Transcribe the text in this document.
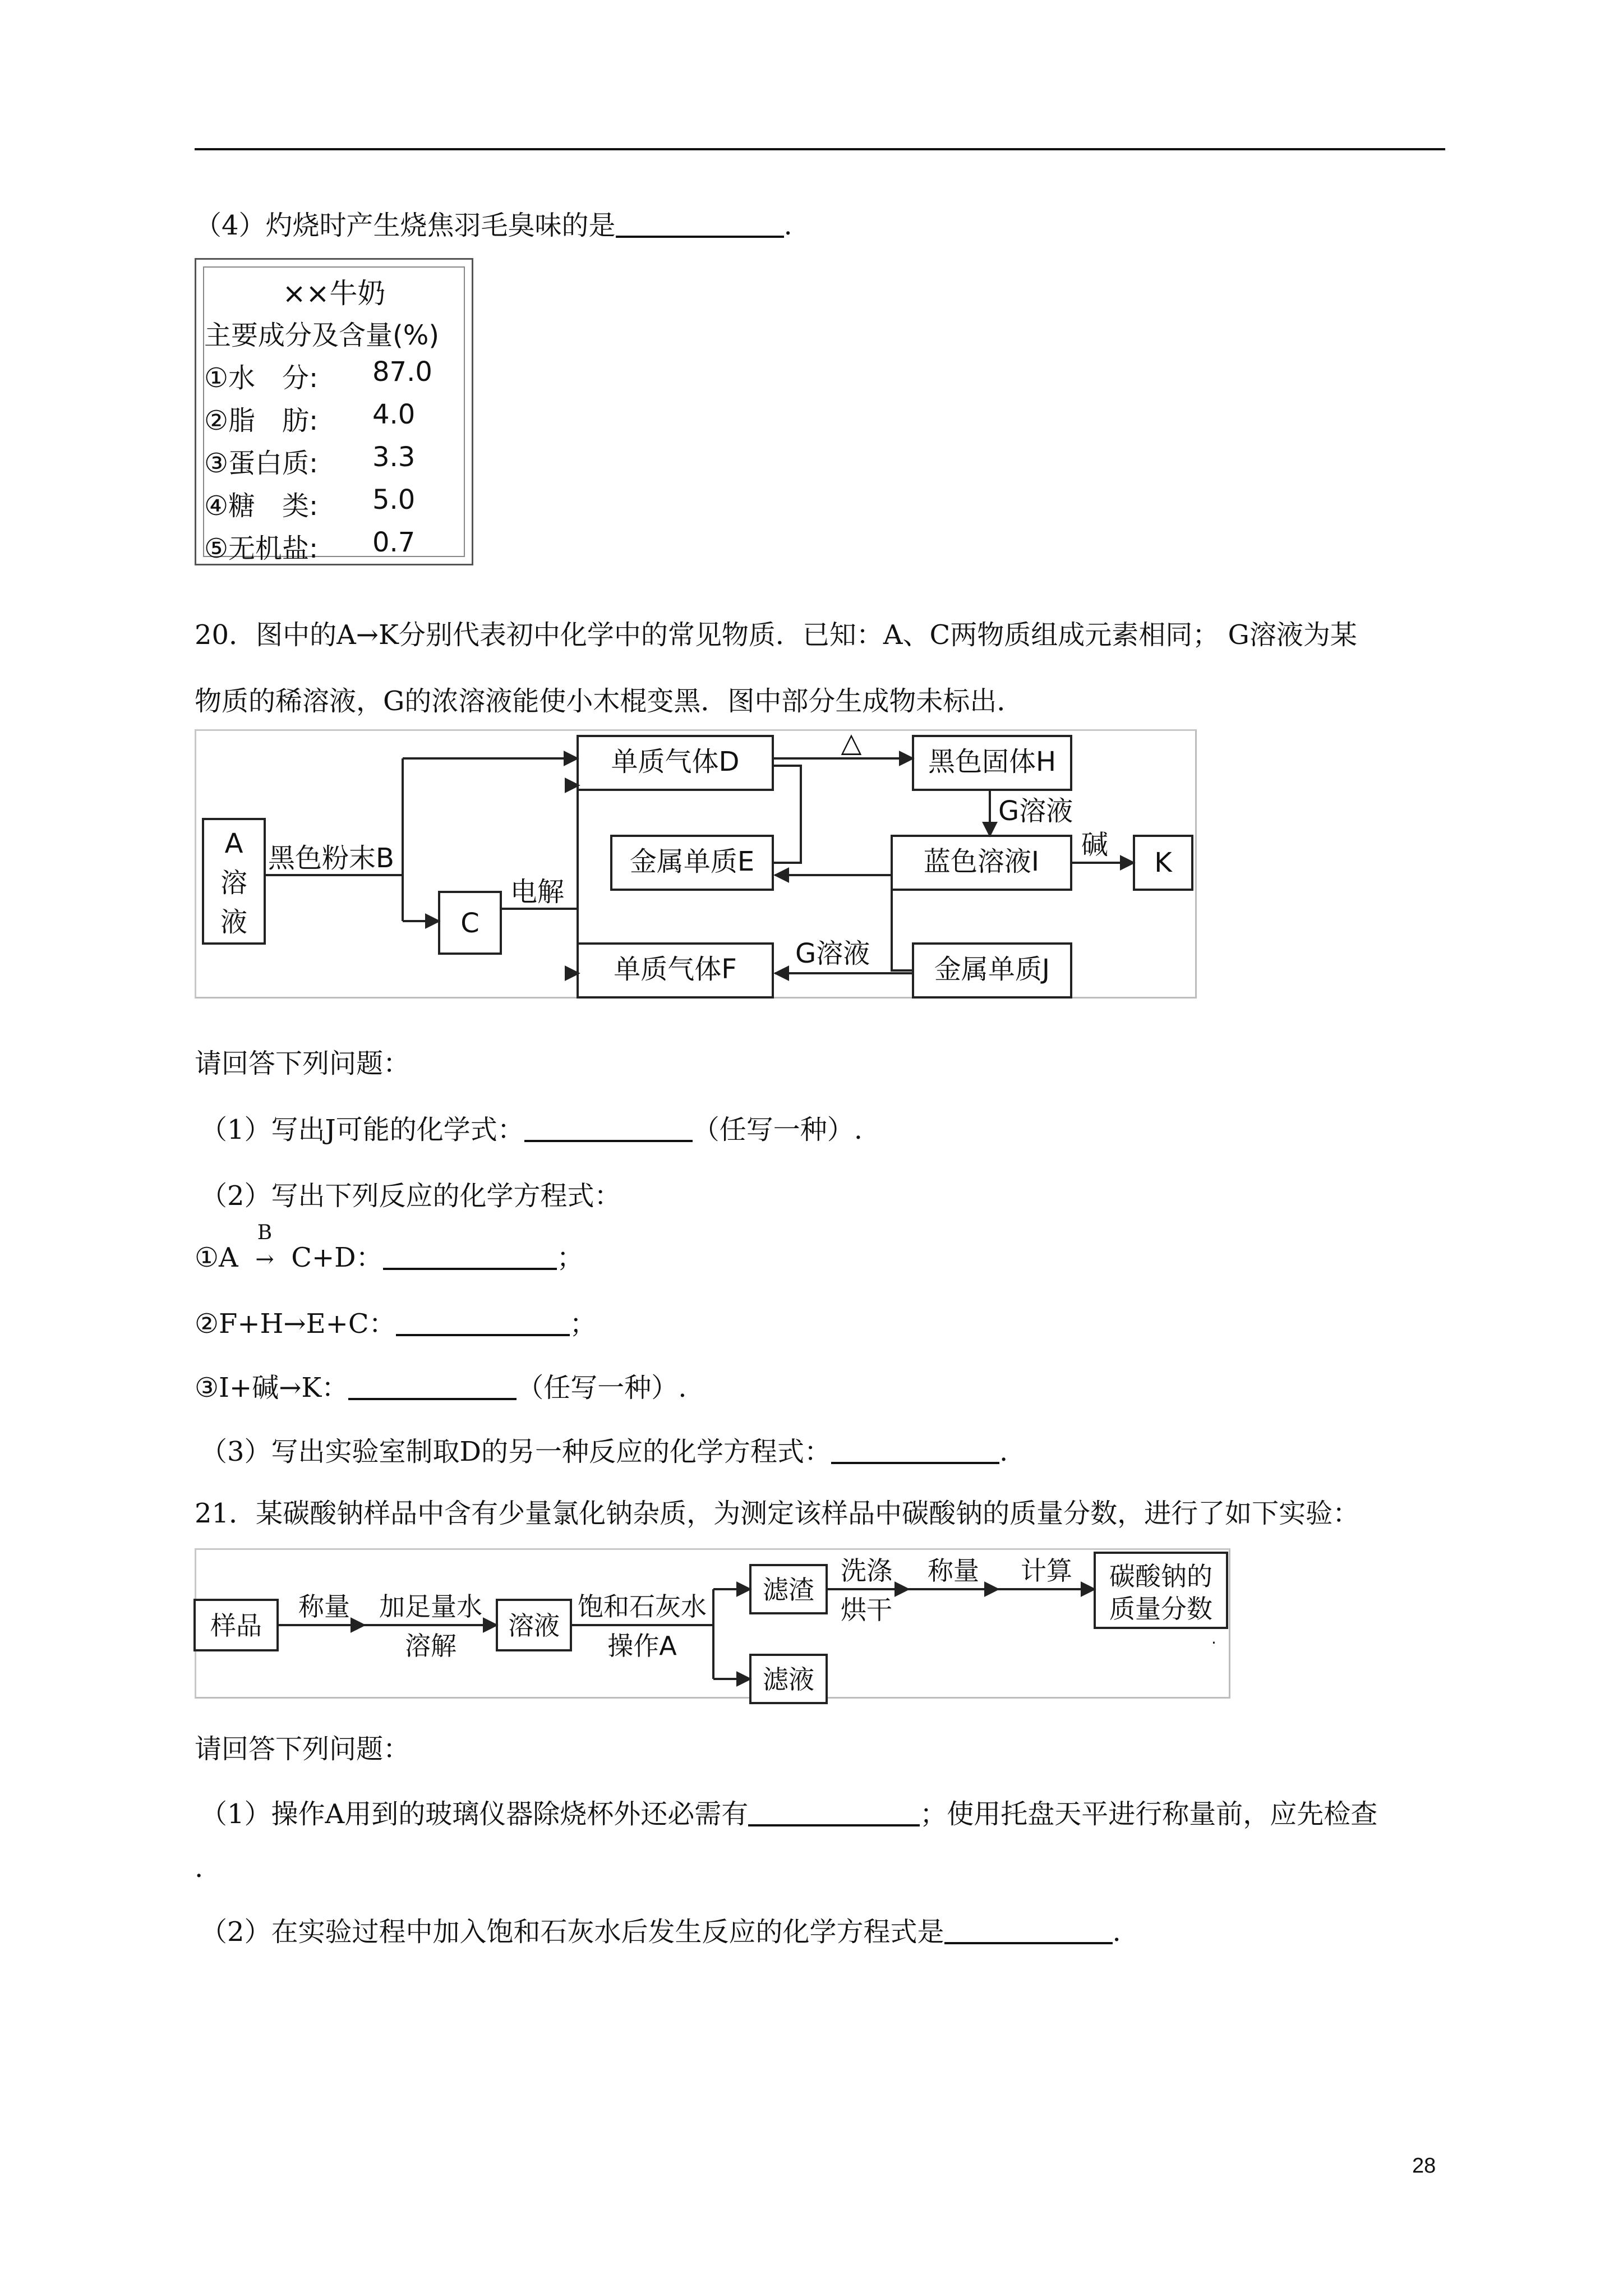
（4）灼烧时产生烧焦羽毛臭味的是	.
××牛奶
主要成分及含量(%)
①水　分: 87.0
②脂　肪: 4.0
③蛋白质: 3.3
④糖　类: 5.0
⑤无机盐: 0.7
20．图中的A→K分别代表初中化学中的常见物质．已知：A、C两物质组成元素相同； G溶液为某
物质的稀溶液，G的浓溶液能使小木棍变黑．图中部分生成物未标出．
A
溶
液
黑色粉末B
C
电解
单质气体D
金属单质E
单质气体F
△
黑色固体H
G溶液
蓝色溶液I
碱
K
金属单质J
G溶液
请回答下列问题：
（1）写出J可能的化学式：	（任写一种）.
（2）写出下列反应的化学方程式：
①A
B
→ C+D：	；
②F+H→E+C：	；
③I+碱→K：	（任写一种）.
（3）写出实验室制取D的另一种反应的化学方程式：	.
21．某碳酸钠样品中含有少量氯化钠杂质，为测定该样品中碳酸钠的质量分数，进行了如下实验：
样品
称量 加足量水
溶解
溶液
饱和石灰水
操作A
滤渣
洗涤
烘干
称量 计算 碳酸钠的
质量分数
滤液
.
请回答下列问题：
（1）操作A用到的玻璃仪器除烧杯外还必需有	；使用托盘天平进行称量前，应先检查
.
（2）在实验过程中加入饱和石灰水后发生反应的化学方程式是	.
28
